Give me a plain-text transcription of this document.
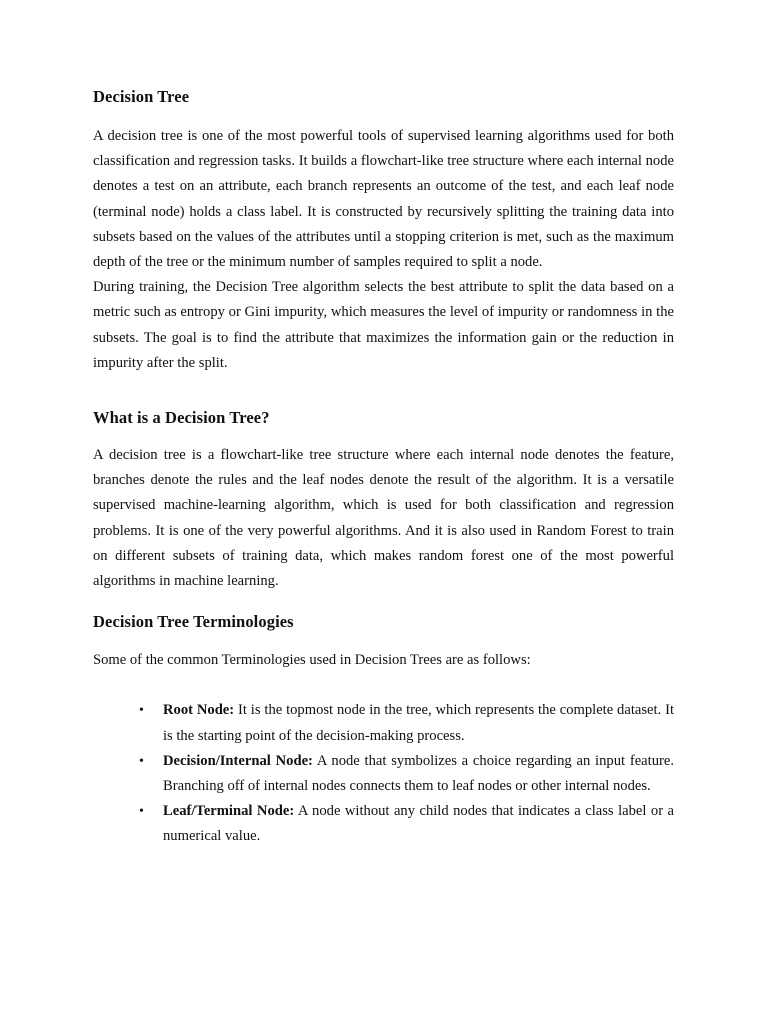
Decision Tree

A decision tree is one of the most powerful tools of supervised learning algorithms used for both classification and regression tasks. It builds a flowchart-like tree structure where each internal node denotes a test on an attribute, each branch represents an outcome of the test, and each leaf node (terminal node) holds a class label. It is constructed by recursively splitting the training data into subsets based on the values of the attributes until a stopping criterion is met, such as the maximum depth of the tree or the minimum number of samples required to split a node.

During training, the Decision Tree algorithm selects the best attribute to split the data based on a metric such as entropy or Gini impurity, which measures the level of impurity or randomness in the subsets. The goal is to find the attribute that maximizes the information gain or the reduction in impurity after the split.

What is a Decision Tree?

A decision tree is a flowchart-like tree structure where each internal node denotes the feature, branches denote the rules and the leaf nodes denote the result of the algorithm. It is a versatile supervised machine-learning algorithm, which is used for both classification and regression problems. It is one of the very powerful algorithms. And it is also used in Random Forest to train on different subsets of training data, which makes random forest one of the most powerful algorithms in machine learning.

Decision Tree Terminologies

Some of the common Terminologies used in Decision Trees are as follows:

• Root Node: It is the topmost node in the tree, which represents the complete dataset. It is the starting point of the decision-making process.
• Decision/Internal Node: A node that symbolizes a choice regarding an input feature. Branching off of internal nodes connects them to leaf nodes or other internal nodes.
• Leaf/Terminal Node: A node without any child nodes that indicates a class label or a numerical value.
